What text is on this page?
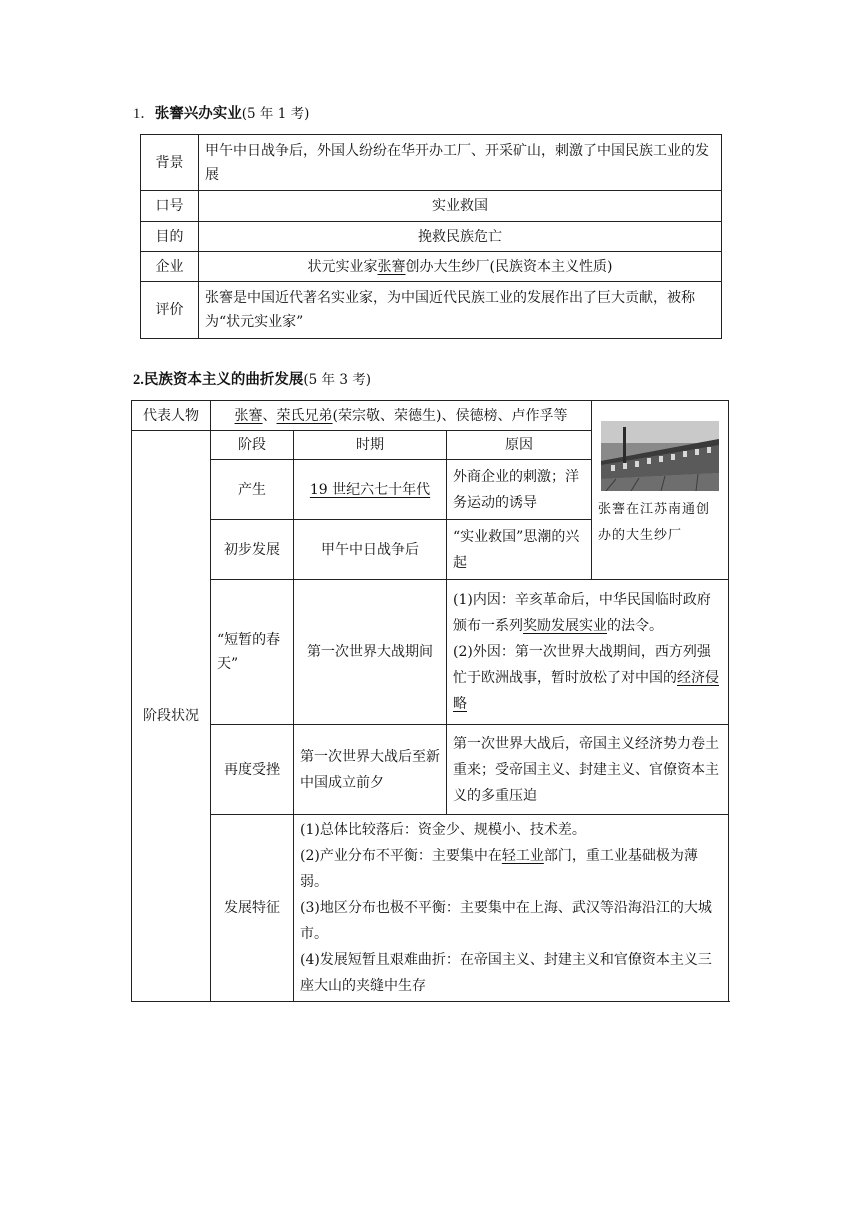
1．张謇兴办实业(5 年 1 考)
背景	甲午中日战争后，外国人纷纷在华开办工厂、开采矿山，刺激了中国民族工业的发展
口号	实业救国
目的	挽救民族危亡
企业	状元实业家张謇创办大生纱厂(民族资本主义性质)
评价	张謇是中国近代著名实业家，为中国近代民族工业的发展作出了巨大贡献，被称为“状元实业家”
2.民族资本主义的曲折发展(5 年 3 考)
代表人物	张謇、荣氏兄弟(荣宗敬、荣德生)、侯德榜、卢作孚等			张謇在江苏南通创办的大生纱厂

阶段状况	阶段	时期	原因	
	产生	19 世纪六七十年代	外商企业的刺激；洋务运动的诱导	
	初步发展	甲午中日战争后	“实业救国”思潮的兴起	
	“短暂的春天”	第一次世界大战期间	(1)内因：辛亥革命后，中华民国临时政府颁布一系列奖励发展实业的法令。
(2)外因：第一次世界大战期间，西方列强忙于欧洲战事，暂时放松了对中国的经济侵略	

	再度受挫	第一次世界大战后至新中国成立前夕	第一次世界大战后，帝国主义经济势力卷土重来；受帝国主义、封建主义、官僚资本主义的多重压迫	

	发展特征	(1)总体比较落后：资金少、规模小、技术差。
(2)产业分布不平衡：主要集中在轻工业部门，重工业基础极为薄弱。
(3)地区分布也极不平衡：主要集中在上海、武汉等沿海沿江的大城市。
(4)发展短暂且艰难曲折：在帝国主义、封建主义和官僚资本主义三座大山的夹缝中生存		
